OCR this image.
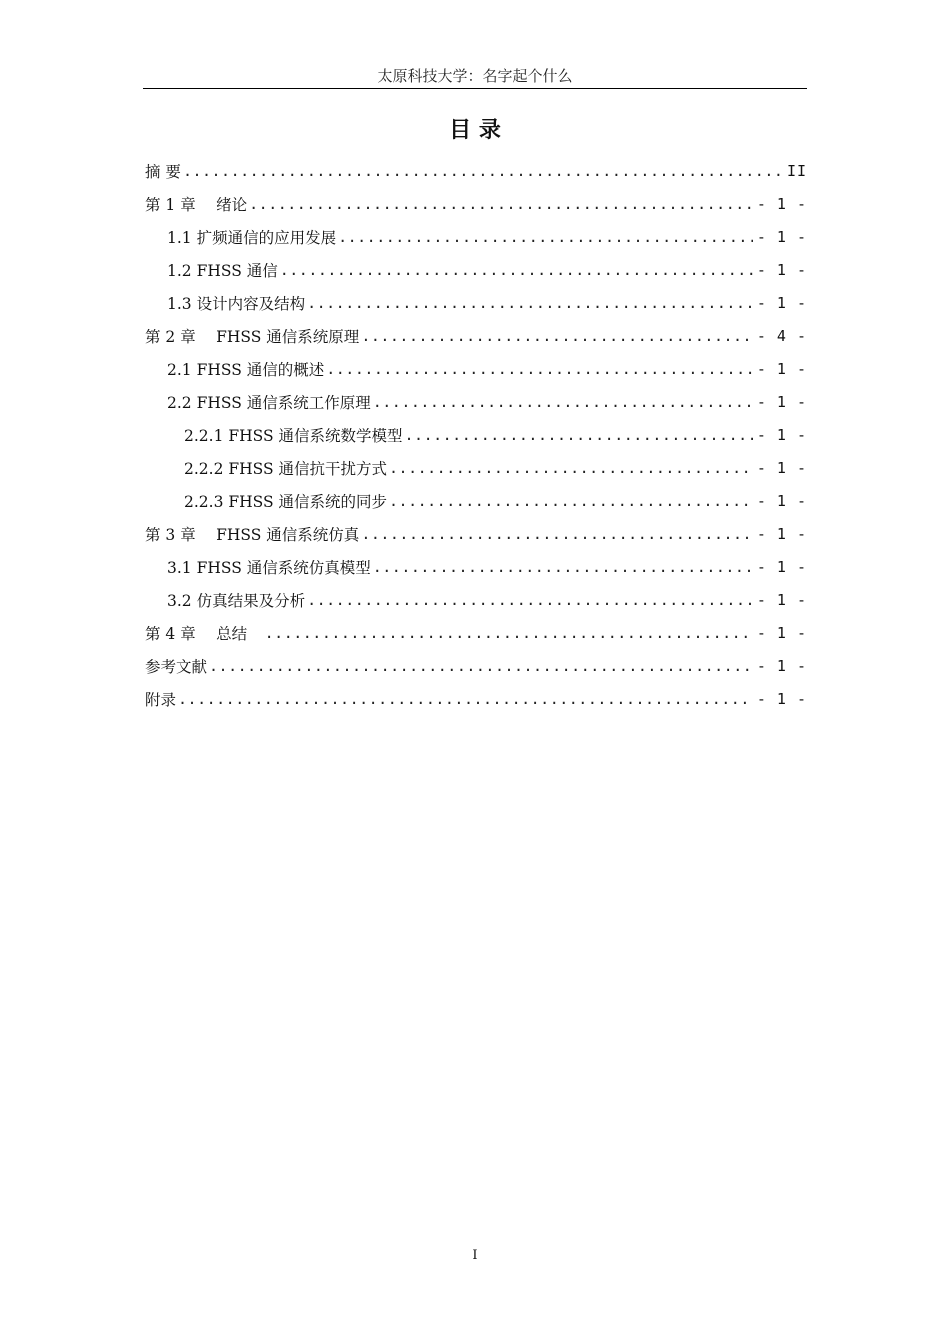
太原科技大学：名字起个什么
目 录
摘 要 .....	II
第 1 章　 绪论 .....	- 1 -
1.1 扩频通信的应用发展 .....	- 1 -
1.2 FHSS 通信 .....	- 1 -
1.3 设计内容及结构 .....	- 1 -
第 2 章　 FHSS 通信系统原理 .....	- 4 -
2.1 FHSS 通信的概述 .....	- 1 -
2.2 FHSS 通信系统工作原理 .....	- 1 -
2.2.1 FHSS 通信系统数学模型 .....	- 1 -
2.2.2 FHSS 通信抗干扰方式 .....	- 1 -
2.2.3 FHSS 通信系统的同步 .....	- 1 -
第 3 章　 FHSS 通信系统仿真 .....	- 1 -
3.1 FHSS 通信系统仿真模型 .....	- 1 -
3.2 仿真结果及分析 .....	- 1 -
第 4 章　 总结　 .....	- 1 -
参考文献 .....	- 1 -
附录 .....	- 1 -
I
